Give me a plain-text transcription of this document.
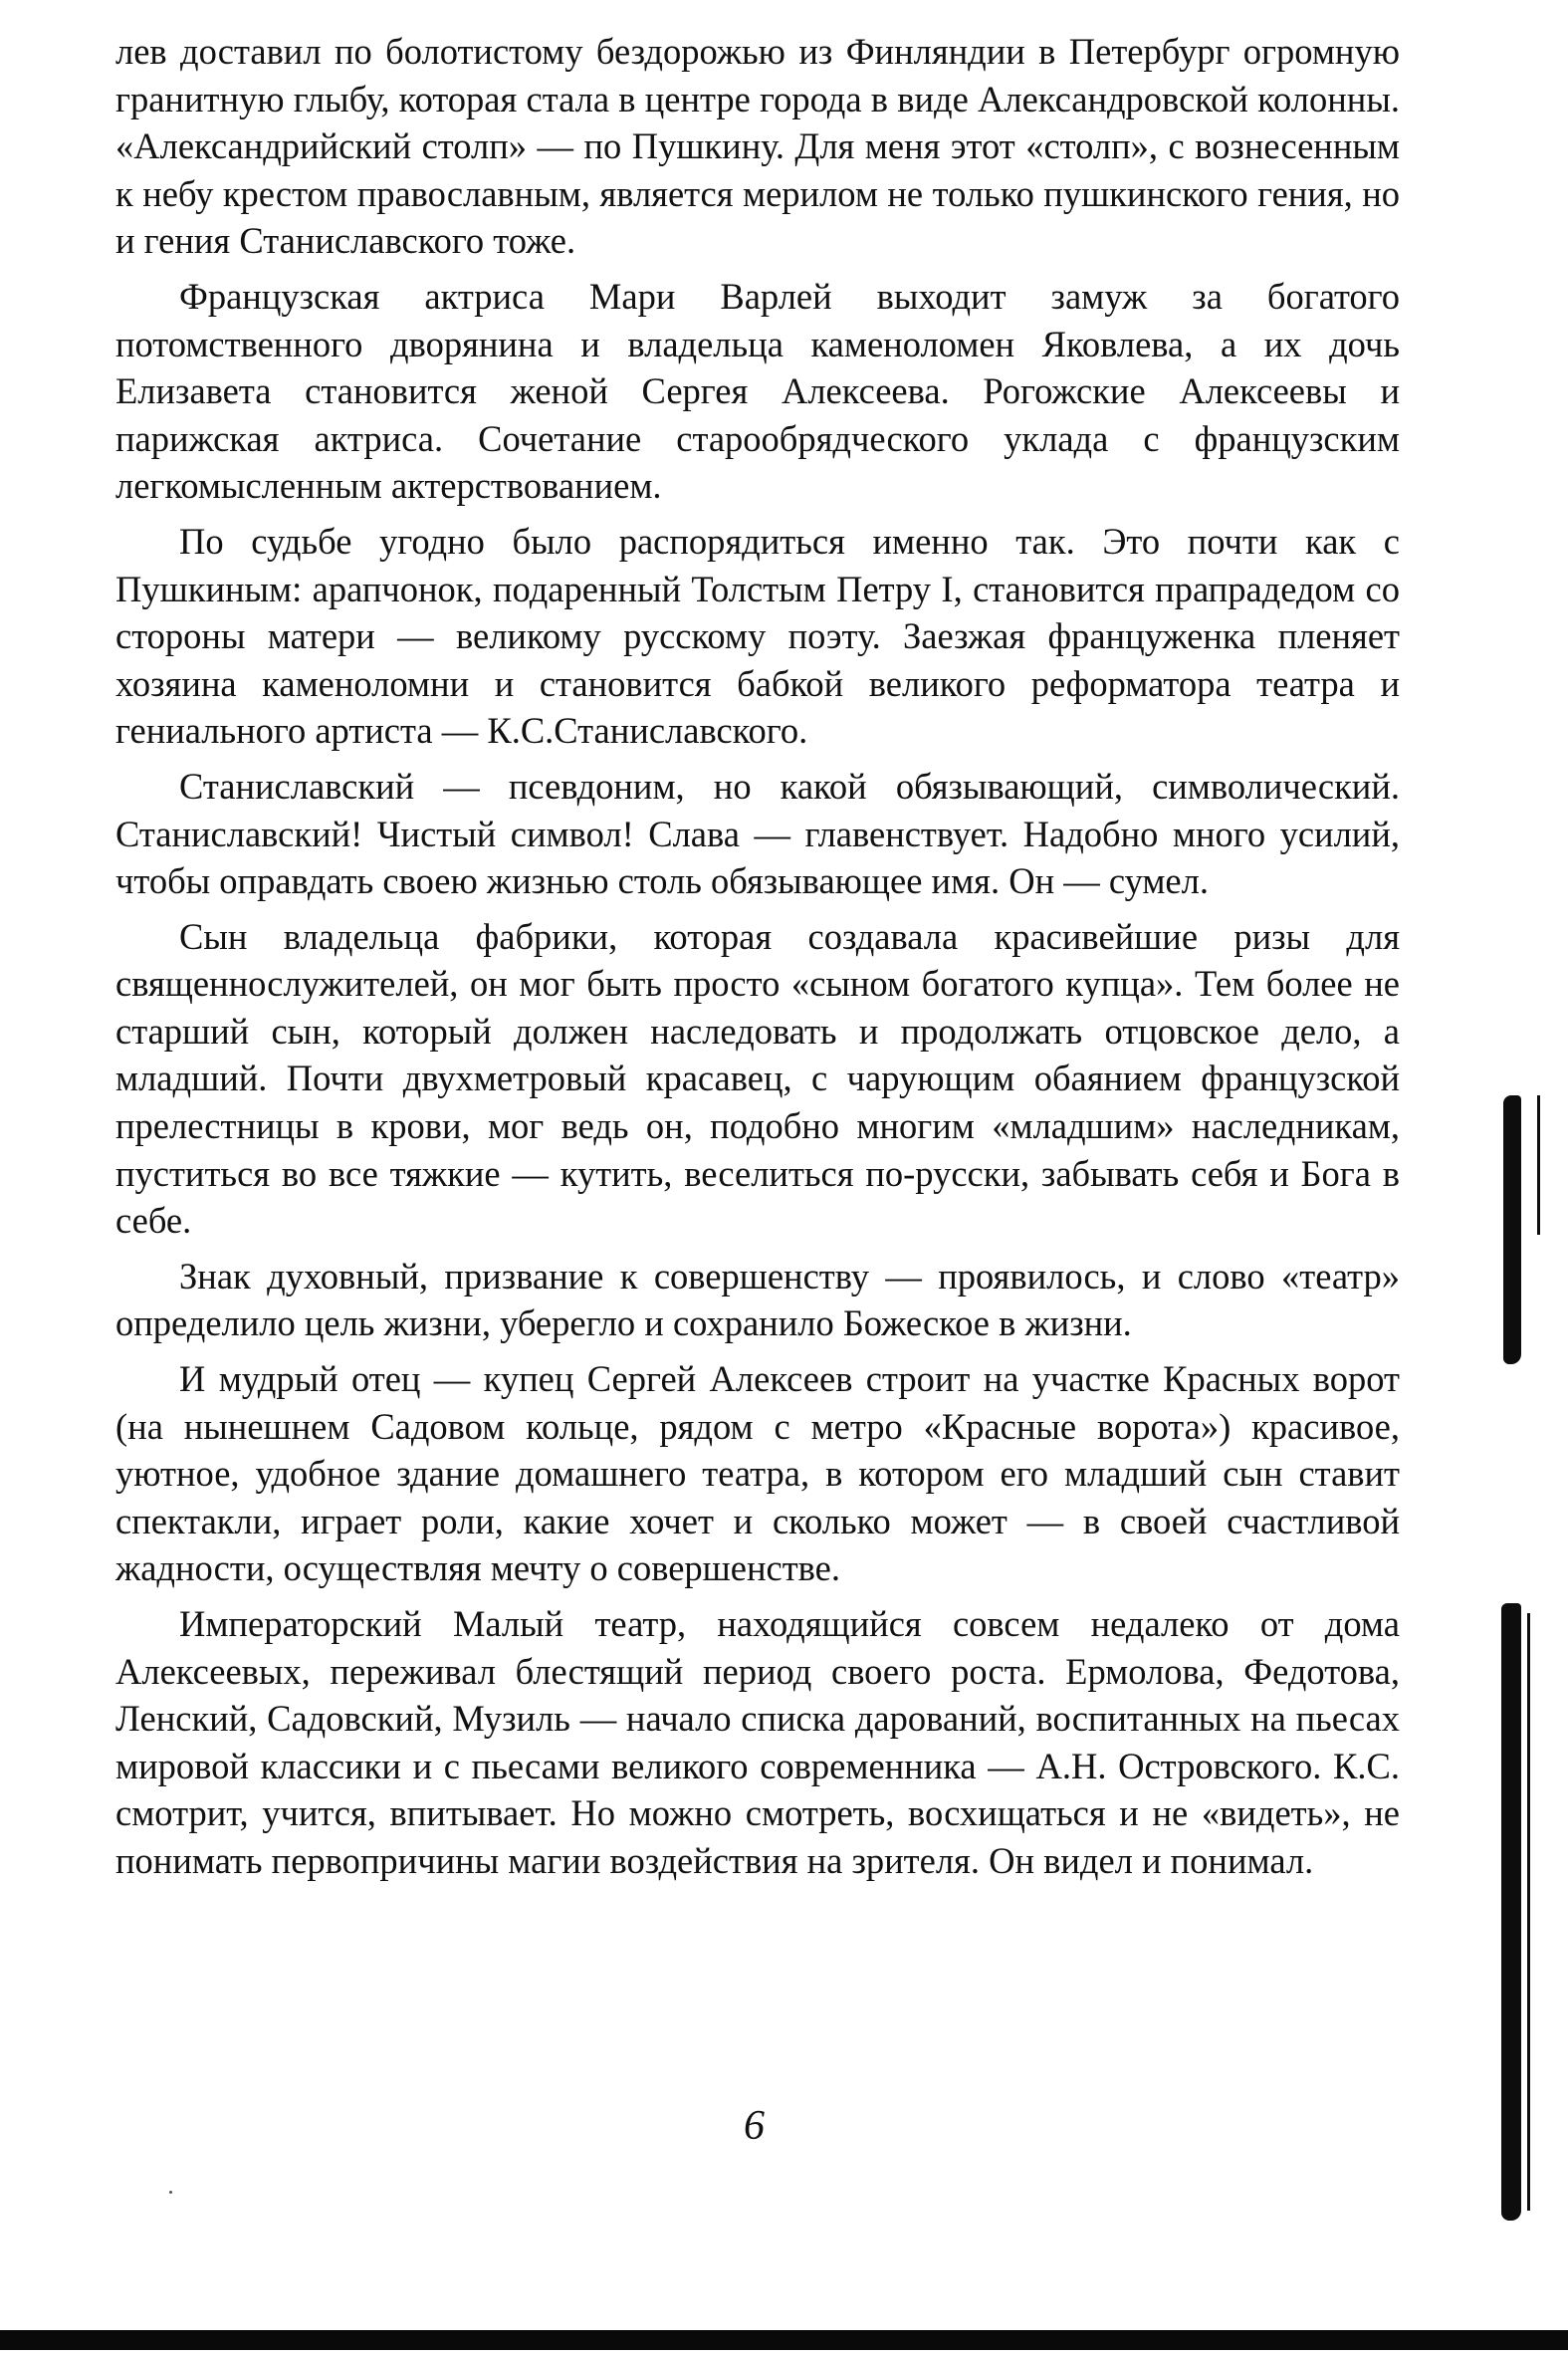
лев доставил по болотистому бездорожью из Финляндии в Петербург огромную гранитную глыбу, которая стала в центре города в виде Александровской колонны. «Александрийский столп» — по Пушкину. Для меня этот «столп», с вознесенным к небу крестом православным, является мерилом не только пушкинского гения, но и гения Станиславского тоже.

Французская актриса Мари Варлей выходит замуж за богатого потомственного дворянина и владельца каменоломен Яковлева, а их дочь Елизавета становится женой Сергея Алексеева. Рогожские Алексеевы и парижская актриса. Сочетание старообрядческого уклада с французским легкомысленным актерствованием.

По судьбе угодно было распорядиться именно так. Это почти как с Пушкиным: арапчонок, подаренный Толстым Петру I, становится прапрадедом со стороны матери — великому русскому поэту. Заезжая француженка пленяет хозяина каменоломни и становится бабкой великого реформатора театра и гениального артиста — К.С.Станиславского.

Станиславский — псевдоним, но какой обязывающий, символический. Станиславский! Чистый символ! Слава — главенствует. Надобно много усилий, чтобы оправдать своею жизнью столь обязывающее имя. Он — сумел.

Сын владельца фабрики, которая создавала красивейшие ризы для священнослужителей, он мог быть просто «сыном богатого купца». Тем более не старший сын, который должен наследовать и продолжать отцовское дело, а младший. Почти двухметровый красавец, с чарующим обаянием французской прелестницы в крови, мог ведь он, подобно многим «младшим» наследникам, пуститься во все тяжкие — кутить, веселиться по-русски, забывать себя и Бога в себе.

Знак духовный, призвание к совершенству — проявилось, и слово «театр» определило цель жизни, уберегло и сохранило Божеское в жизни.

И мудрый отец — купец Сергей Алексеев строит на участке Красных ворот (на нынешнем Садовом кольце, рядом с метро «Красные ворота») красивое, уютное, удобное здание домашнего театра, в котором его младший сын ставит спектакли, играет роли, какие хочет и сколько может — в своей счастливой жадности, осуществляя мечту о совершенстве.

Императорский Малый театр, находящийся совсем недалеко от дома Алексеевых, переживал блестящий период своего роста. Ермолова, Федотова, Ленский, Садовский, Музиль — начало списка дарований, воспитанных на пьесах мировой классики и с пьесами великого современника — А.Н. Островского. К.С. смотрит, учится, впитывает. Но можно смотреть, восхищаться и не «видеть», не понимать первопричины магии воздействия на зрителя. Он видел и понимал.

6
